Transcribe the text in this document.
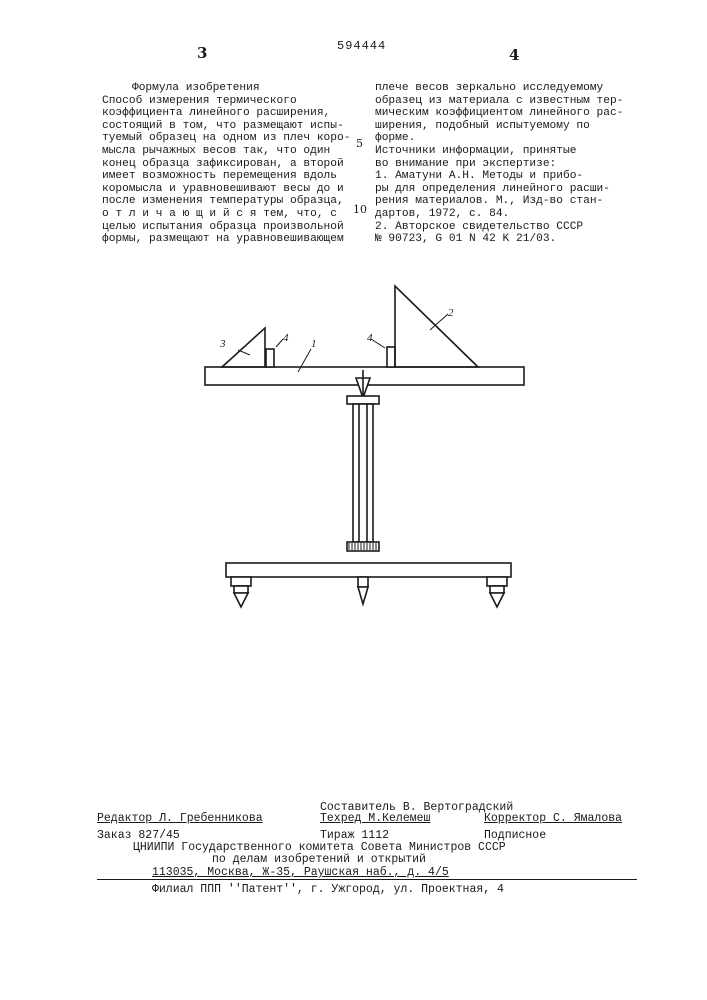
3	594444	4
Формула изобретения
Способ измерения термического
коэффициента линейного расширения,
состоящий в том, что размещают испы-
туемый образец на одном из плеч коро-
мысла рычажных весов так, что один
конец образца зафиксирован, а второй
имеет возможность перемещения вдоль
коромысла и уравновешивают весы до и
после изменения температуры образца,
о т л и ч а ю щ и й с я тем, что, с
целью испытания образца произвольной
формы, размещают на уравновешивающем
5
10
плече весов зеркально исследуемому
образец из материала с известным тер-
мическим коэффициентом линейного рас-
ширения, подобный испытуемому по
форме.
Источники информации, принятые
во внимание при экспертизе:
1. Аматуни А.Н. Методы и прибо-
ры для определения линейного расши-
рения материалов. М., Изд-во стан-
дартов, 1972, с. 84.
2. Авторское свидетельство СССР
№ 90723, G 01 N 42 K 21/03.
3	4 1	4
2
Составитель В. Вертоградский
Редактор Л. Гребенникова	Техред М.Келемеш	Корректор С. Ямалова
Заказ 827/45	Тираж 1112	Подписное
ЦНИИПИ Государственного комитета Совета Министров СССР
по делам изобретений и открытий
113035, Москва, Ж-35, Раушская наб., д. 4/5
Филиал ППП ''Патент'', г. Ужгород, ул. Проектная, 4
